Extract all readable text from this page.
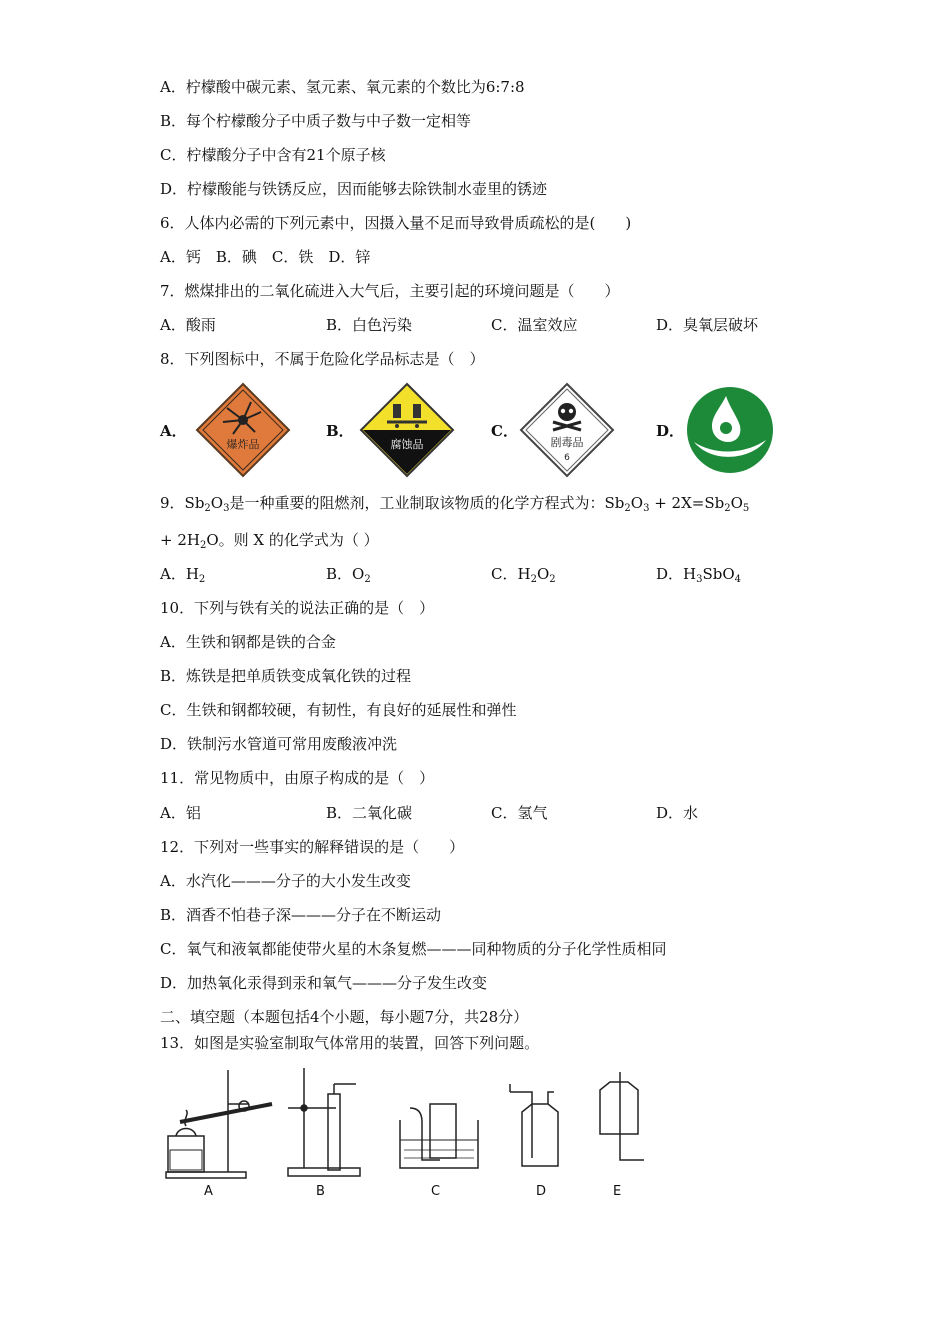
A．柠檬酸中碳元素、氢元素、氧元素的个数比为6:7:8
B．每个柠檬酸分子中质子数与中子数一定相等
C．柠檬酸分子中含有21个原子核
D．柠檬酸能与铁锈反应，因而能够去除铁制水壶里的锈迹
6．人体内必需的下列元素中，因摄入量不足而导致骨质疏松的是(　　)
A．钙　B．碘　C．铁　D．锌
7．燃煤排出的二氧化硫进入大气后，主要引起的环境问题是（　　）
A．酸雨	B．白色污染	C．温室效应	D．臭氧层破坏
8．下列图标中，不属于危险化学品标志是（　）
A．
爆炸品
B．
腐蚀品
C．
剧毒品
6
D．
9．$Sb_2O_3$是一种重要的阻燃剂，工业制取该物质的化学方程式为：$Sb_2O_3 + 2X=Sb_2O_5$
+ $2H_2O$。则 X 的化学式为（ ）
A．$H_2$	B．$O_2$	C．$H_2O_2$	D．$H_3SbO_4$
10．下列与铁有关的说法正确的是（　）
A．生铁和钢都是铁的合金
B．炼铁是把单质铁变成氧化铁的过程
C．生铁和钢都较硬，有韧性，有良好的延展性和弹性
D．铁制污水管道可常用废酸液冲洗
11．常见物质中，由原子构成的是（　）
A．铝	B．二氧化碳	C．氢气	D．水
12．下列对一些事实的解释错误的是（　　）
A．水汽化———分子的大小发生改变
B．酒香不怕巷子深———分子在不断运动
C．氧气和液氧都能使带火星的木条复燃———同种物质的分子化学性质相同
D．加热氧化汞得到汞和氧气———分子发生改变
二、填空题（本题包括4个小题，每小题7分，共28分）
13．如图是实验室制取气体常用的装置，回答下列问题。
A	B	C	D	E
